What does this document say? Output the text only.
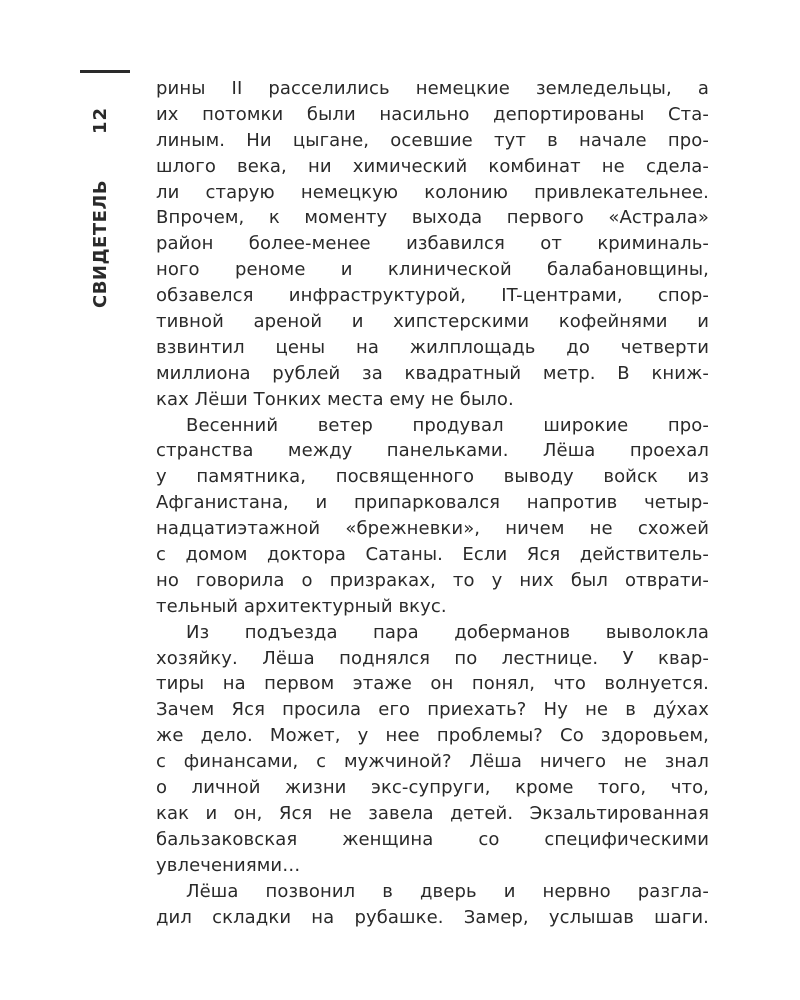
12
СВИДЕТЕЛЬ
рины II расселились немецкие земледельцы, а
их потомки были насильно депортированы Ста-
линым. Ни цыгане, осевшие тут в начале про-
шлого века, ни химический комбинат не сдела-
ли старую немецкую колонию привлекательнее.
Впрочем, к моменту выхода первого «Астрала»
район более-менее избавился от криминаль-
ного реноме и клинической балабановщины,
обзавелся инфраструктурой, IT-центрами, спор-
тивной ареной и хипстерскими кофейнями и
взвинтил цены на жилплощадь до четверти
миллиона рублей за квадратный метр. В книж-
ках Лёши Тонких места ему не было.
Весенний ветер продувал широкие про-
странства между панельками. Лёша проехал
у памятника, посвященного выводу войск из
Афганистана, и припарковался напротив четыр-
надцатиэтажной «брежневки», ничем не схожей
с домом доктора Сатаны. Если Яся действитель-
но говорила о призраках, то у них был отврати-
тельный архитектурный вкус.
Из подъезда пара доберманов выволокла
хозяйку. Лёша поднялся по лестнице. У квар-
тиры на первом этаже он понял, что волнуется.
Зачем Яся просила его приехать? Ну не в дýхах
же дело. Может, у нее проблемы? Со здоровьем,
с финансами, с мужчиной? Лёша ничего не знал
о личной жизни экс-супруги, кроме того, что,
как и он, Яся не завела детей. Экзальтированная
бальзаковская женщина со специфическими
увлечениями…
Лёша позвонил в дверь и нервно разгла-
дил складки на рубашке. Замер, услышав шаги.
